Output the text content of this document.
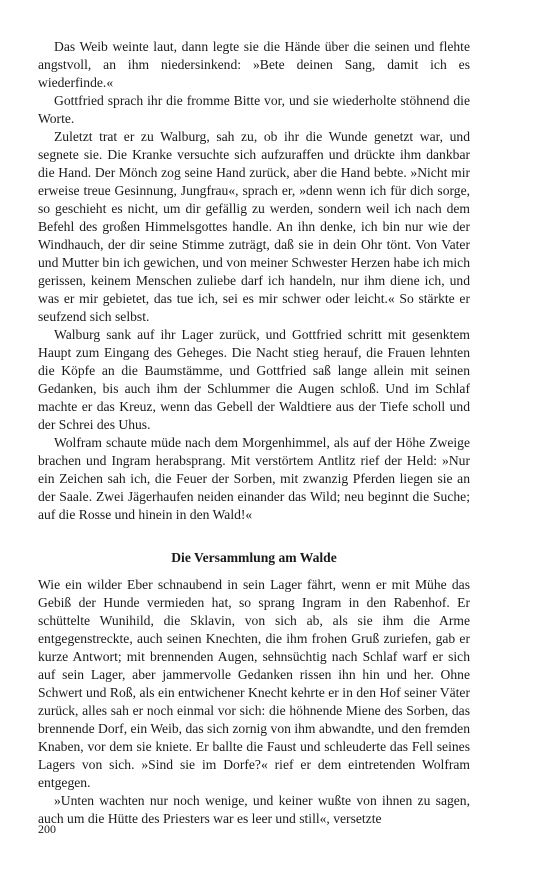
Das Weib weinte laut, dann legte sie die Hände über die seinen und flehte angstvoll, an ihm niedersinkend: »Bete deinen Sang, damit ich es wiederfinde.«

Gottfried sprach ihr die fromme Bitte vor, und sie wiederholte stöhnend die Worte.

Zuletzt trat er zu Walburg, sah zu, ob ihr die Wunde genetzt war, und segnete sie. Die Kranke versuchte sich aufzuraffen und drückte ihm dankbar die Hand. Der Mönch zog seine Hand zurück, aber die Hand bebte. »Nicht mir erweise treue Gesinnung, Jungfrau«, sprach er, »denn wenn ich für dich sorge, so geschieht es nicht, um dir gefällig zu werden, sondern weil ich nach dem Befehl des großen Himmelsgottes handle. An ihn denke, ich bin nur wie der Windhauch, der dir seine Stimme zuträgt, daß sie in dein Ohr tönt. Von Vater und Mutter bin ich gewichen, und von meiner Schwester Herzen habe ich mich gerissen, keinem Menschen zuliebe darf ich handeln, nur ihm diene ich, und was er mir gebietet, das tue ich, sei es mir schwer oder leicht.« So stärkte er seufzend sich selbst.

Walburg sank auf ihr Lager zurück, und Gottfried schritt mit gesenktem Haupt zum Eingang des Geheges. Die Nacht stieg herauf, die Frauen lehnten die Köpfe an die Baumstämme, und Gottfried saß lange allein mit seinen Gedanken, bis auch ihm der Schlummer die Augen schloß. Und im Schlaf machte er das Kreuz, wenn das Gebell der Waldtiere aus der Tiefe scholl und der Schrei des Uhus.

Wolfram schaute müde nach dem Morgenhimmel, als auf der Höhe Zweige brachen und Ingram herabsprang. Mit verstörtem Antlitz rief der Held: »Nur ein Zeichen sah ich, die Feuer der Sorben, mit zwanzig Pferden liegen sie an der Saale. Zwei Jägerhaufen neiden einander das Wild; neu beginnt die Suche; auf die Rosse und hinein in den Wald!«

Die Versammlung am Walde

Wie ein wilder Eber schnaubend in sein Lager fährt, wenn er mit Mühe das Gebiß der Hunde vermieden hat, so sprang Ingram in den Rabenhof. Er schüttelte Wunihild, die Sklavin, von sich ab, als sie ihm die Arme entgegenstreckte, auch seinen Knechten, die ihm frohen Gruß zuriefen, gab er kurze Antwort; mit brennenden Augen, sehnsüchtig nach Schlaf warf er sich auf sein Lager, aber jammervolle Gedanken rissen ihn hin und her. Ohne Schwert und Roß, als ein entwichener Knecht kehrte er in den Hof seiner Väter zurück, alles sah er noch einmal vor sich: die höhnende Miene des Sorben, das brennende Dorf, ein Weib, das sich zornig von ihm abwandte, und den fremden Knaben, vor dem sie kniete. Er ballte die Faust und schleuderte das Fell seines Lagers von sich. »Sind sie im Dorfe?« rief er dem eintretenden Wolfram entgegen.

»Unten wachten nur noch wenige, und keiner wußte von ihnen zu sagen, auch um die Hütte des Priesters war es leer und still«, versetzte

200
